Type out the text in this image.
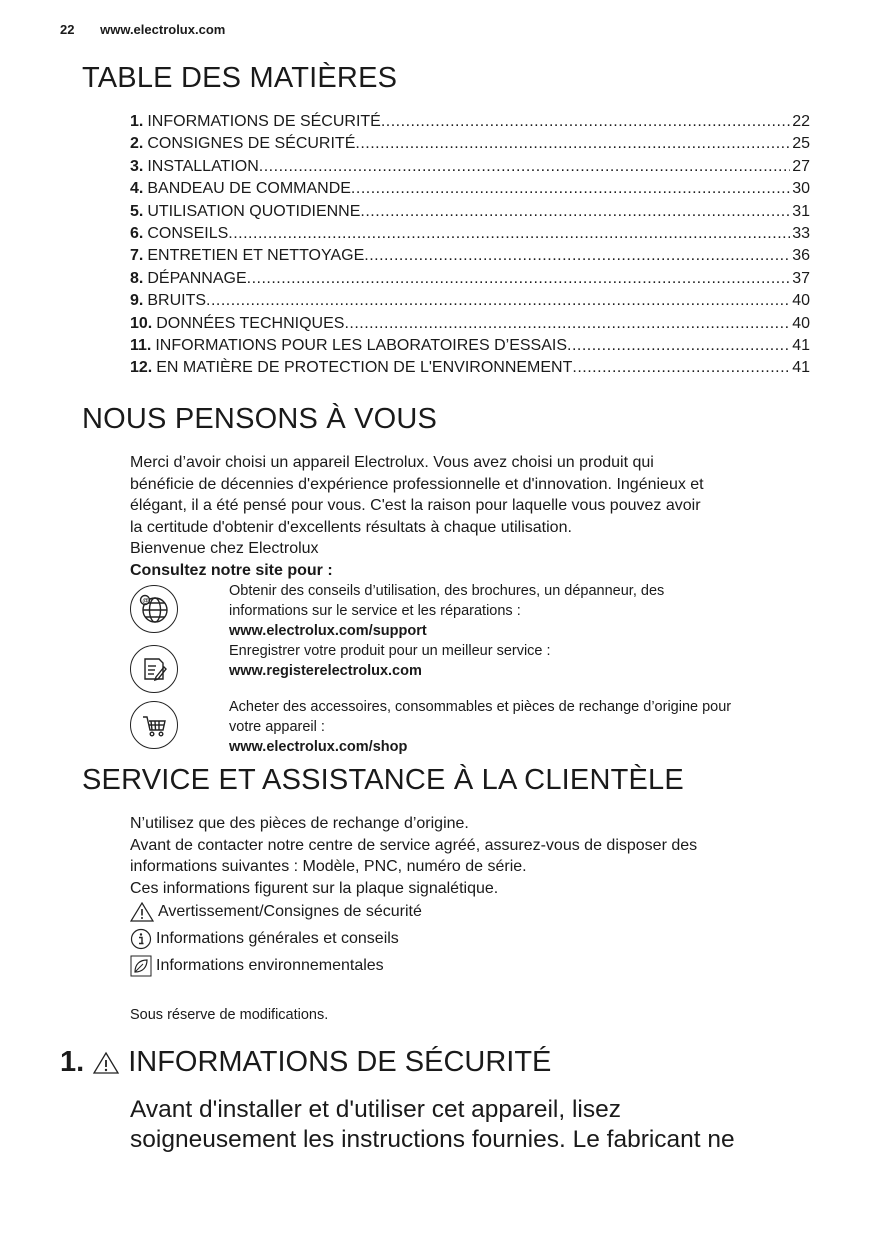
22 www.electrolux.com
TABLE DES MATIÈRES
1. INFORMATIONS DE SÉCURITÉ .....	22
2. CONSIGNES DE SÉCURITÉ .....	25
3. INSTALLATION .....	27
4. BANDEAU DE COMMANDE .....	30
5. UTILISATION QUOTIDIENNE .....	31
6. CONSEILS .....	33
7. ENTRETIEN ET NETTOYAGE .....	36
8. DÉPANNAGE .....	37
9. BRUITS .....	40
10. DONNÉES TECHNIQUES .....	40
11. INFORMATIONS POUR LES LABORATOIRES D’ESSAIS .....	41
12. EN MATIÈRE DE PROTECTION DE L'ENVIRONNEMENT .....	41
NOUS PENSONS À VOUS
Merci d’avoir choisi un appareil Electrolux. Vous avez choisi un produit qui
bénéficie de décennies d'expérience professionnelle et d'innovation. Ingénieux et
élégant, il a été pensé pour vous. C'est la raison pour laquelle vous pouvez avoir
la certitude d'obtenir d'excellents résultats à chaque utilisation.
Bienvenue chez Electrolux
Consultez notre site pour :
@
Obtenir des conseils d’utilisation, des brochures, un dépanneur, des
informations sur le service et les réparations :
www.electrolux.com/support
Enregistrer votre produit pour un meilleur service :
www.registerelectrolux.com
Acheter des accessoires, consommables et pièces de rechange d’origine pour
votre appareil :
www.electrolux.com/shop
SERVICE ET ASSISTANCE À LA CLIENTÈLE
N’utilisez que des pièces de rechange d’origine.
Avant de contacter notre centre de service agréé, assurez-vous de disposer des
informations suivantes : Modèle, PNC, numéro de série.
Ces informations figurent sur la plaque signalétique.
Avertissement/Consignes de sécurité
Informations générales et conseils
Informations environnementales
Sous réserve de modifications.
1. INFORMATIONS DE SÉCURITÉ
Avant d'installer et d'utiliser cet appareil, lisez
soigneusement les instructions fournies. Le fabricant ne
